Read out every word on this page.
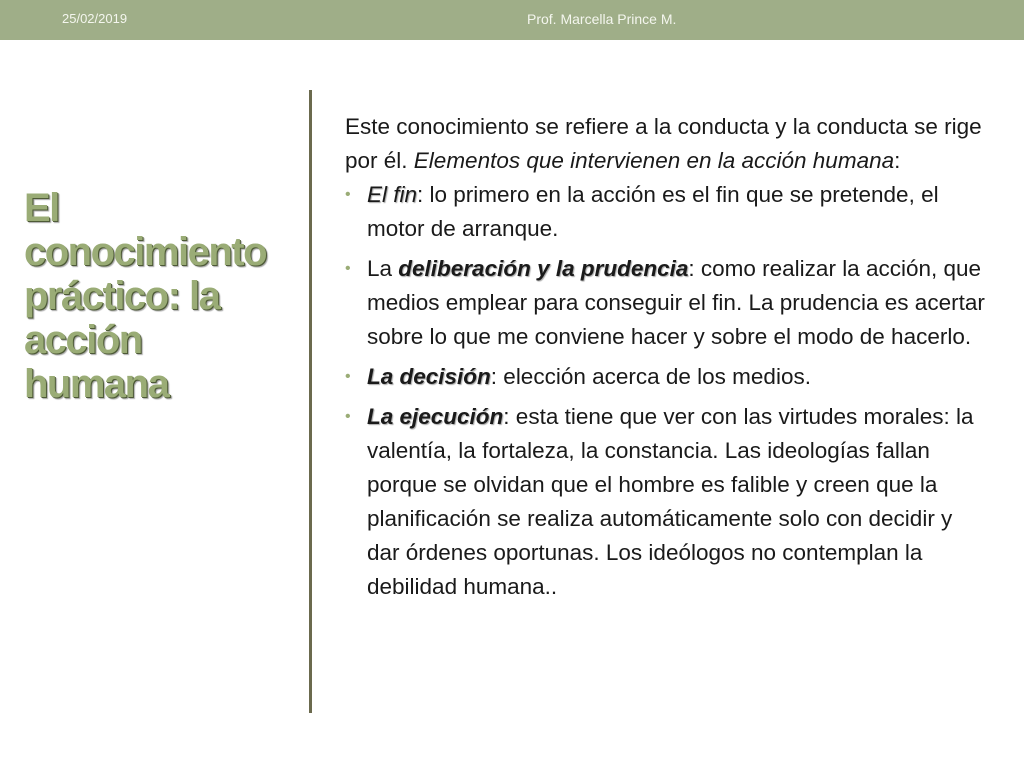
25/02/2019	Prof. Marcella Prince M.
El conocimiento práctico: la acción humana

Este conocimiento se refiere a la conducta y la conducta se rige por él. Elementos que intervienen en la acción humana:

• El fin: lo primero en la acción es el fin que se pretende, el motor de arranque.
• La deliberación y la prudencia: como realizar la acción, que medios emplear para conseguir el fin. La prudencia es acertar sobre lo que me conviene hacer y sobre el modo de hacerlo.
• La decisión: elección acerca de los medios.
• La ejecución: esta tiene que ver con las virtudes morales: la valentía, la fortaleza, la constancia. Las ideologías fallan porque se olvidan que el hombre es falible y creen que la planificación se realiza automáticamente solo con decidir y dar órdenes oportunas. Los ideólogos no contemplan la debilidad humana..
